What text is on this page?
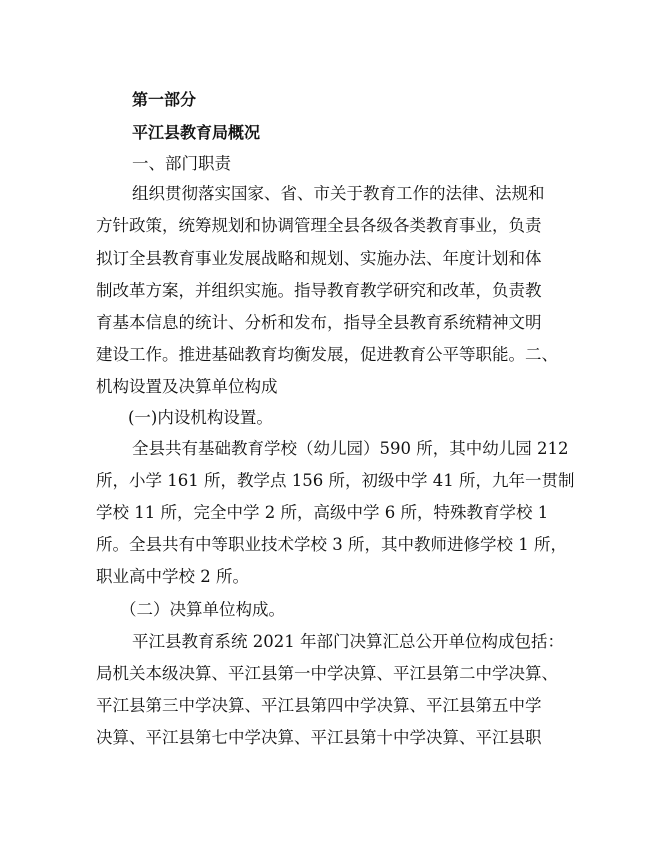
第一部分
平江县教育局概况
一、部门职责
组织贯彻落实国家、省、市关于教育工作的法律、法规和
方针政策，统筹规划和协调管理全县各级各类教育事业，负责
拟订全县教育事业发展战略和规划、实施办法、年度计划和体
制改革方案，并组织实施。指导教育教学研究和改革，负责教
育基本信息的统计、分析和发布，指导全县教育系统精神文明
建设工作。推进基础教育均衡发展，促进教育公平等职能。二、
机构设置及决算单位构成
(一)内设机构设置。
全县共有基础教育学校（幼儿园）590 所，其中幼儿园 212
所，小学 161 所，教学点 156 所，初级中学 41 所，九年一贯制
学校 11 所，完全中学 2 所，高级中学 6 所，特殊教育学校 1
所。全县共有中等职业技术学校 3 所，其中教师进修学校 1 所，
职业高中学校 2 所。
（二）决算单位构成。
平江县教育系统 2021 年部门决算汇总公开单位构成包括：
局机关本级决算、平江县第一中学决算、平江县第二中学决算、
平江县第三中学决算、平江县第四中学决算、平江县第五中学
决算、平江县第七中学决算、平江县第十中学决算、平江县职
